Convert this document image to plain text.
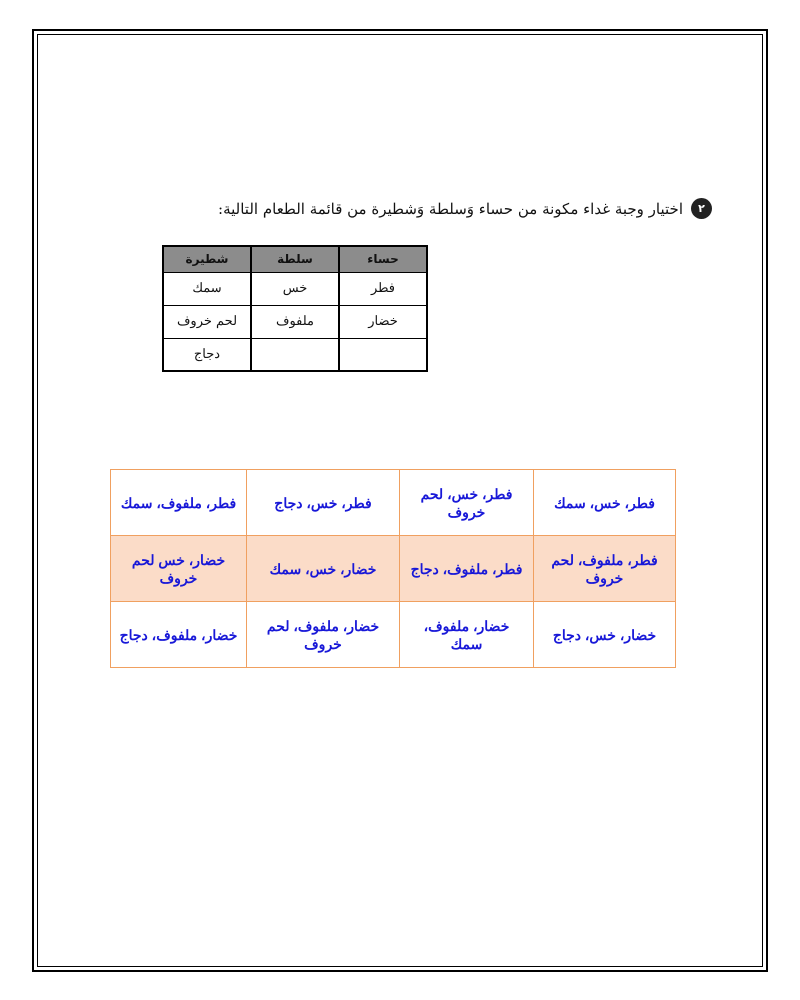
٢
اختيار وجبة غداء مكونة من حساء وَسلطة وَشطيرة من قائمة الطعام التالية:
حساء	سلطة	شطيرة
فطر	خس	سمك
خضار	ملفوف	لحم خروف
		دجاج
فطر، خس، سمك	فطر، خس، لحم خروف	فطر، خس، دجاج	فطر، ملفوف، سمك
فطر، ملفوف، لحم خروف	فطر، ملفوف، دجاج	خضار، خس، سمك	خضار، خس لحم خروف
خضار، خس، دجاج	خضار، ملفوف، سمك	خضار، ملفوف، لحم خروف	خضار، ملفوف، دجاج
